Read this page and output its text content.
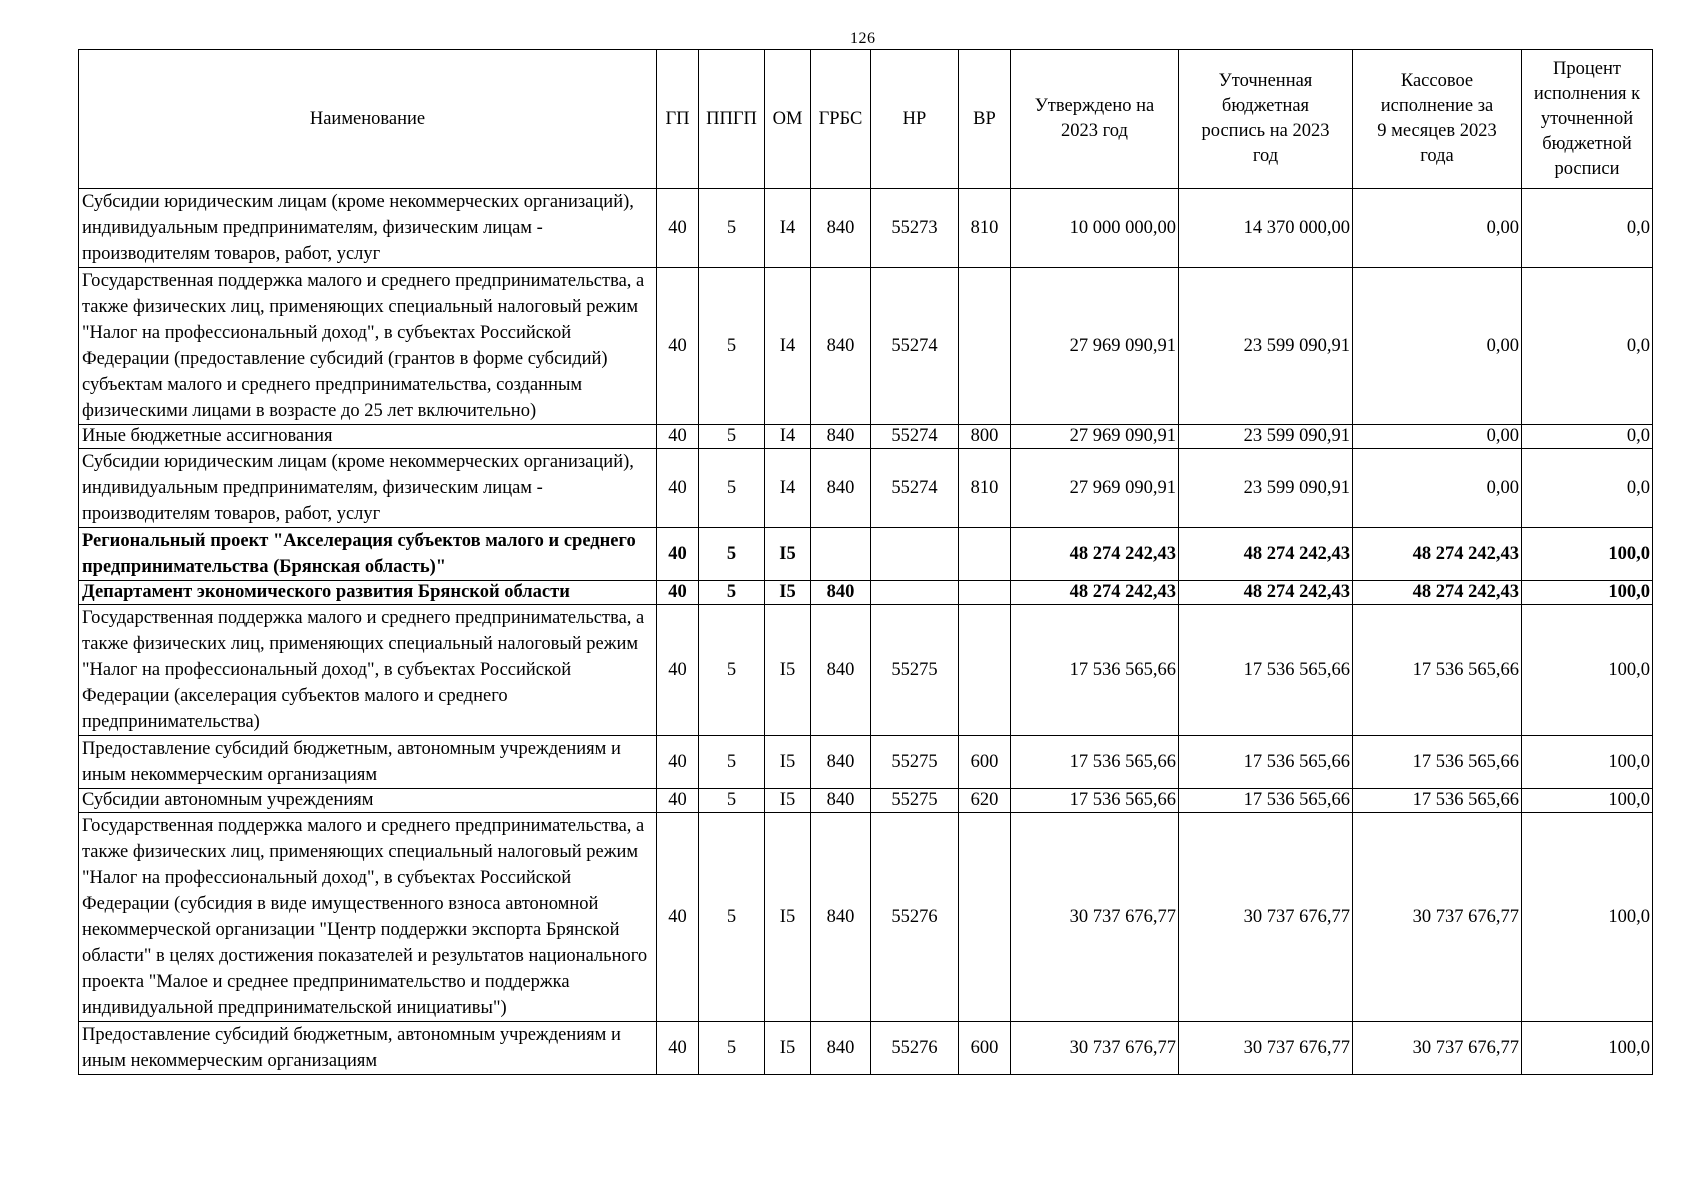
126
Наименование	ГП	ППГП	ОМ	ГРБС	НР	ВР	Утверждено на 2023 год	Уточненная бюджетная роспись на 2023 год	Кассовое исполнение за 9 месяцев 2023 года	Процент исполнения к уточненной бюджетной росписи
Субсидии юридическим лицам (кроме некоммерческих организаций), индивидуальным предпринимателям, физическим лицам - производителям товаров, работ, услуг	40	5	I4	840	55273	810	10 000 000,00	14 370 000,00	0,00	0,0
Государственная поддержка малого и среднего предпринимательства, а также физических лиц, применяющих специальный налоговый режим "Налог на профессиональный доход", в субъектах Российской Федерации (предоставление субсидий (грантов в форме субсидий) субъектам малого и среднего предпринимательства, созданным физическими лицами в возрасте до 25 лет включительно)	40	5	I4	840	55274		27 969 090,91	23 599 090,91	0,00	0,0
Иные бюджетные ассигнования	40	5	I4	840	55274	800	27 969 090,91	23 599 090,91	0,00	0,0
Субсидии юридическим лицам (кроме некоммерческих организаций), индивидуальным предпринимателям, физическим лицам - производителям товаров, работ, услуг	40	5	I4	840	55274	810	27 969 090,91	23 599 090,91	0,00	0,0
Региональный проект "Акселерация субъектов малого и среднего предпринимательства (Брянская область)"	40	5	I5				48 274 242,43	48 274 242,43	48 274 242,43	100,0
Департамент экономического развития Брянской области	40	5	I5	840			48 274 242,43	48 274 242,43	48 274 242,43	100,0
Государственная поддержка малого и среднего предпринимательства, а также физических лиц, применяющих специальный налоговый режим "Налог на профессиональный доход", в субъектах Российской Федерации (акселерация субъектов малого и среднего предпринимательства)	40	5	I5	840	55275		17 536 565,66	17 536 565,66	17 536 565,66	100,0
Предоставление субсидий бюджетным, автономным учреждениям и иным некоммерческим организациям	40	5	I5	840	55275	600	17 536 565,66	17 536 565,66	17 536 565,66	100,0
Субсидии автономным учреждениям	40	5	I5	840	55275	620	17 536 565,66	17 536 565,66	17 536 565,66	100,0
Государственная поддержка малого и среднего предпринимательства, а также физических лиц, применяющих специальный налоговый режим "Налог на профессиональный доход", в субъектах Российской Федерации (субсидия в виде имущественного взноса автономной некоммерческой организации "Центр поддержки экспорта Брянской области" в целях достижения показателей и результатов национального проекта "Малое и среднее предпринимательство и поддержка индивидуальной предпринимательской инициативы")	40	5	I5	840	55276		30 737 676,77	30 737 676,77	30 737 676,77	100,0
Предоставление субсидий бюджетным, автономным учреждениям и иным некоммерческим организациям	40	5	I5	840	55276	600	30 737 676,77	30 737 676,77	30 737 676,77	100,0
